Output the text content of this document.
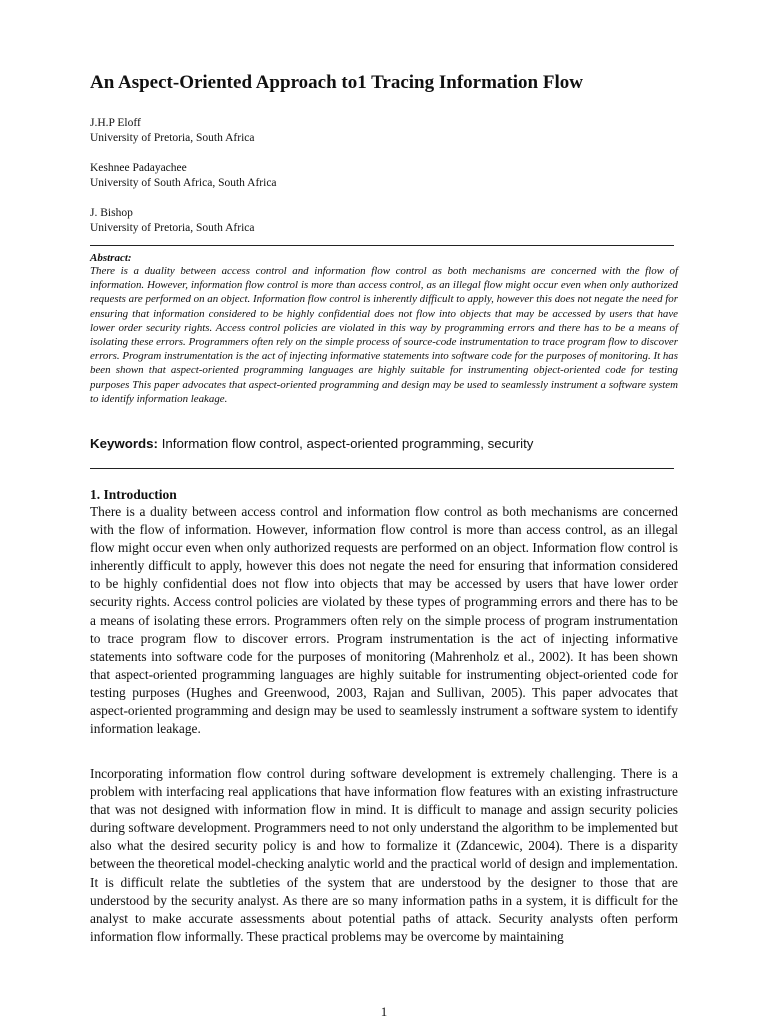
An Aspect-Oriented Approach to1 Tracing Information Flow
J.H.P Eloff
University of Pretoria, South Africa
Keshnee Padayachee
University of South Africa, South Africa
J. Bishop
University of Pretoria, South Africa
Abstract:
There is a duality between access control and information flow control as both mechanisms are concerned with the flow of information. However, information flow control is more than access control, as an illegal flow might occur even when only authorized requests are performed on an object. Information flow control is inherently difficult to apply, however this does not negate the need for ensuring that information considered to be highly confidential does not flow into objects that may be accessed by users that have lower order security rights. Access control policies are violated in this way by programming errors and there has to be a means of isolating these errors. Programmers often rely on the simple process of source-code instrumentation to trace program flow to discover errors. Program instrumentation is the act of injecting informative statements into software code for the purposes of monitoring. It has been shown that aspect-oriented programming languages are highly suitable for instrumenting object-oriented code for testing purposes This paper advocates that aspect-oriented programming and design may be used to seamlessly instrument a software system to identify information leakage.
Keywords: Information flow control, aspect-oriented programming, security
1. Introduction
There is a duality between access control and information flow control as both mechanisms are concerned with the flow of information. However, information flow control is more than access control, as an illegal flow might occur even when only authorized requests are performed on an object. Information flow control is inherently difficult to apply, however this does not negate the need for ensuring that information considered to be highly confidential does not flow into objects that may be accessed by users that have lower order security rights. Access control policies are violated by these types of programming errors and there has to be a means of isolating these errors. Programmers often rely on the simple process of program instrumentation to trace program flow to discover errors. Program instrumentation is the act of injecting informative statements into software code for the purposes of monitoring (Mahrenholz et al., 2002). It has been shown that aspect-oriented programming languages are highly suitable for instrumenting object-oriented code for testing purposes (Hughes and Greenwood, 2003, Rajan and Sullivan, 2005). This paper advocates that aspect-oriented programming and design may be used to seamlessly instrument a software system to identify information leakage.
Incorporating information flow control during software development is extremely challenging. There is a problem with interfacing real applications that have information flow features with an existing infrastructure that was not designed with information flow in mind. It is difficult to manage and assign security policies during software development. Programmers need to not only understand the algorithm to be implemented but also what the desired security policy is and how to formalize it (Zdancewic, 2004). There is a disparity between the theoretical model-checking analytic world and the practical world of design and implementation. It is difficult relate the subtleties of the system that are understood by the designer to those that are understood by the security analyst. As there are so many information paths in a system, it is difficult for the analyst to make accurate assessments about potential paths of attack. Security analysts often perform information flow informally. These practical problems may be overcome by maintaining
1
